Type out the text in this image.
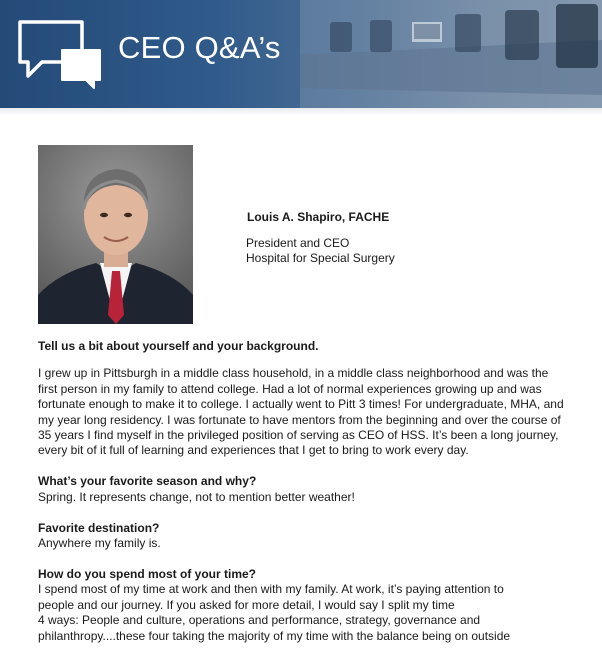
CEO Q&A’s
Louis A. Shapiro, FACHE
President and CEO
Hospital for Special Surgery

Tell us a bit about yourself and your background.

I grew up in Pittsburgh in a middle class household, in a middle class neighborhood and was the first person in my family to attend college. Had a lot of normal experiences growing up and was fortunate enough to make it to college. I actually went to Pitt 3 times! For undergraduate, MHA, and my year long residency. I was fortunate to have mentors from the beginning and over the course of 35 years I find myself in the privileged position of serving as CEO of HSS. It’s been a long journey, every bit of it full of learning and experiences that I get to bring to work every day.

What’s your favorite season and why?

Spring. It represents change, not to mention better weather!

Favorite destination?

Anywhere my family is.

How do you spend most of your time?

I spend most of my time at work and then with my family. At work, it’s paying attention to

people and our journey. If you asked for more detail, I would say I split my time

4 ways: People and culture, operations and performance, strategy, governance and

philanthropy....these four taking the majority of my time with the balance being on outside
